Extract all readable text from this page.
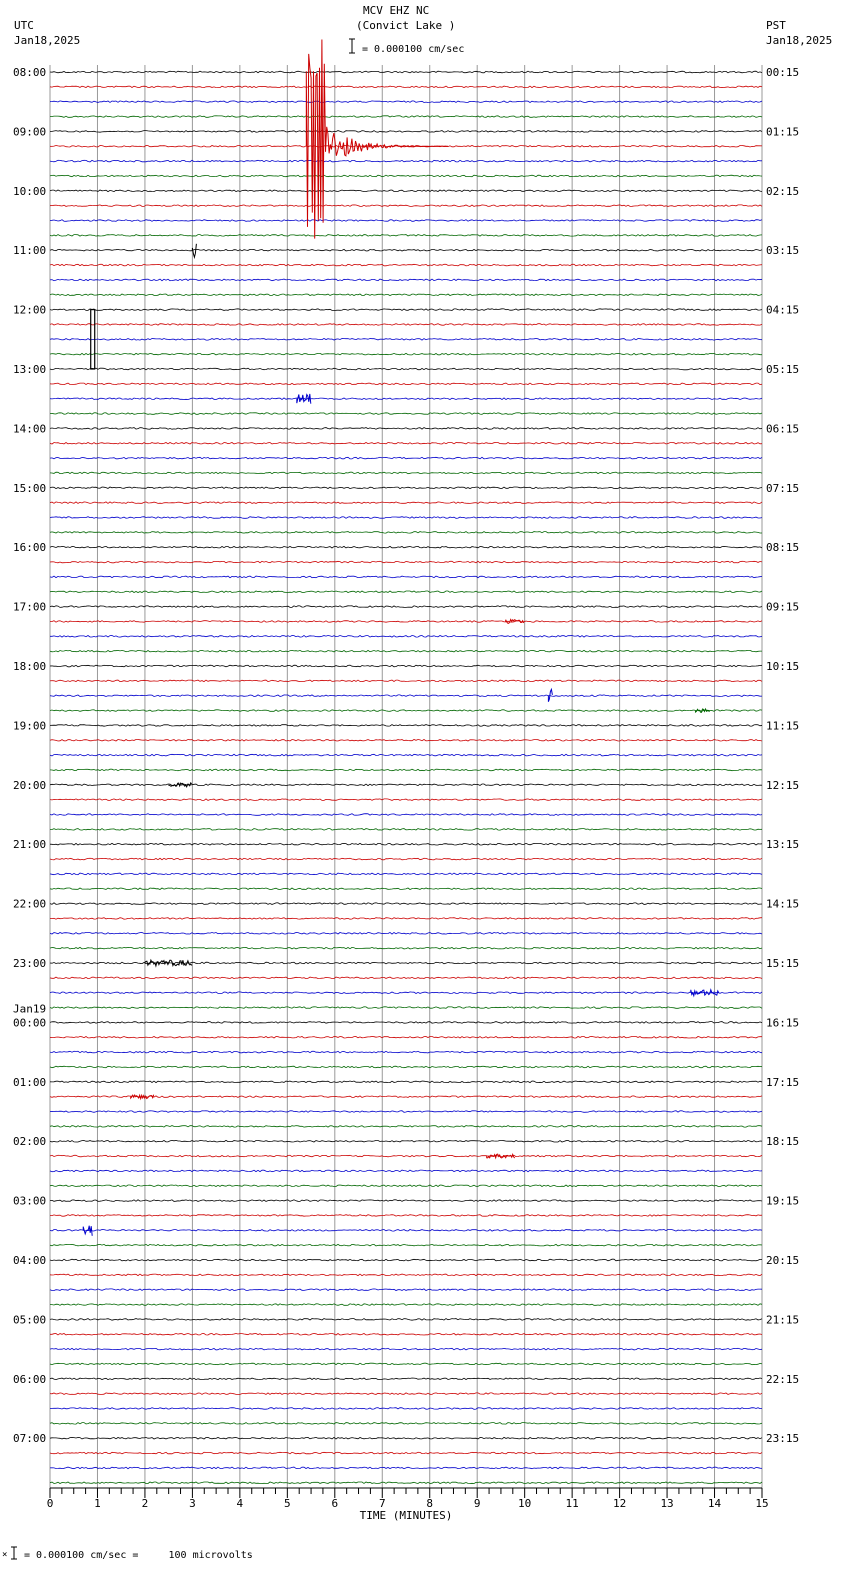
MCV EHZ NC
(Convict Lake )
UTC
Jan18,2025
PST
Jan18,2025
= 0.000100 cm/sec
= 0.000100 cm/sec =     100 microvolts
×
0	1	2	3	4	5	6	7	8	9	10	11	12	13	14	15
TIME (MINUTES)
08:00
09:00
10:00
11:00
12:00
13:00
14:00
15:00
16:00
17:00
18:00
19:00
20:00
21:00
22:00
23:00
00:00
Jan19
01:00
02:00
03:00
04:00
05:00
06:00
07:00
00:15
01:15
02:15
03:15
04:15
05:15
06:15
07:15
08:15
09:15
10:15
11:15
12:15
13:15
14:15
15:15
16:15
17:15
18:15
19:15
20:15
21:15
22:15
23:15
